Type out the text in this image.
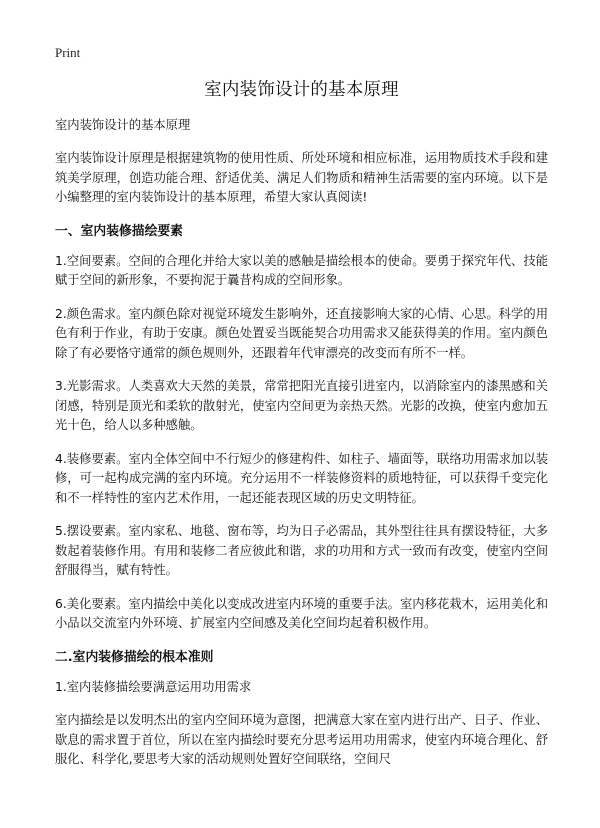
Print
室内装饰设计的基本原理
室内装饰设计的基本原理

室内装饰设计原理是根据建筑物的使用性质、所处环境和相应标准，运用物质技术手段和建筑美学原理，创造功能合理、舒适优美、满足人们物质和精神生活需要的室内环境。以下是小编整理的室内装饰设计的基本原理，希望大家认真阅读!

一、室内装修描绘要素

1.空间要素。空间的合理化并给大家以美的感触是描绘根本的使命。要勇于探究年代、技能赋于空间的新形象，不要拘泥于曩昔构成的空间形象。

2.颜色需求。室内颜色除对视觉环境发生影响外，还直接影响大家的心情、心思。科学的用色有利于作业，有助于安康。颜色处置妥当既能契合功用需求又能获得美的作用。室内颜色除了有必要恪守通常的颜色规则外，还跟着年代审漂亮的改变而有所不一样。

3.光影需求。人类喜欢大天然的美景，常常把阳光直接引进室内，以消除室内的漆黑感和关闭感，特别是顶光和柔软的散射光，使室内空间更为亲热天然。光影的改换，使室内愈加五光十色，给人以多种感触。

4.装修要素。室内全体空间中不行短少的修建构件、如柱子、墙面等，联络功用需求加以装修，可一起构成完满的室内环境。充分运用不一样装修资料的质地特征，可以获得千变完化和不一样特性的室内艺术作用，一起还能表现区域的历史文明特征。

5.摆设要素。室内家私、地毯、窗布等，均为日子必需品，其外型往往具有摆设特征，大多数起着装修作用。有用和装修二者应彼此和谐，求的功用和方式一致而有改变，使室内空间舒服得当，赋有特性。

6.美化要素。室内描绘中美化以变成改进室内环境的重要手法。室内移花栽木，运用美化和小品以交流室内外环境、扩展室内空间感及美化空间均起着积极作用。

二.室内装修描绘的根本准则

1.室内装修描绘要满意运用功用需求

室内描绘是以发明杰出的室内空间环境为意图，把满意大家在室内进行出产、日子、作业、歇息的需求置于首位，所以在室内描绘时要充分思考运用功用需求，使室内环境合理化、舒服化、科学化,要思考大家的活动规则处置好空间联络，空间尺
